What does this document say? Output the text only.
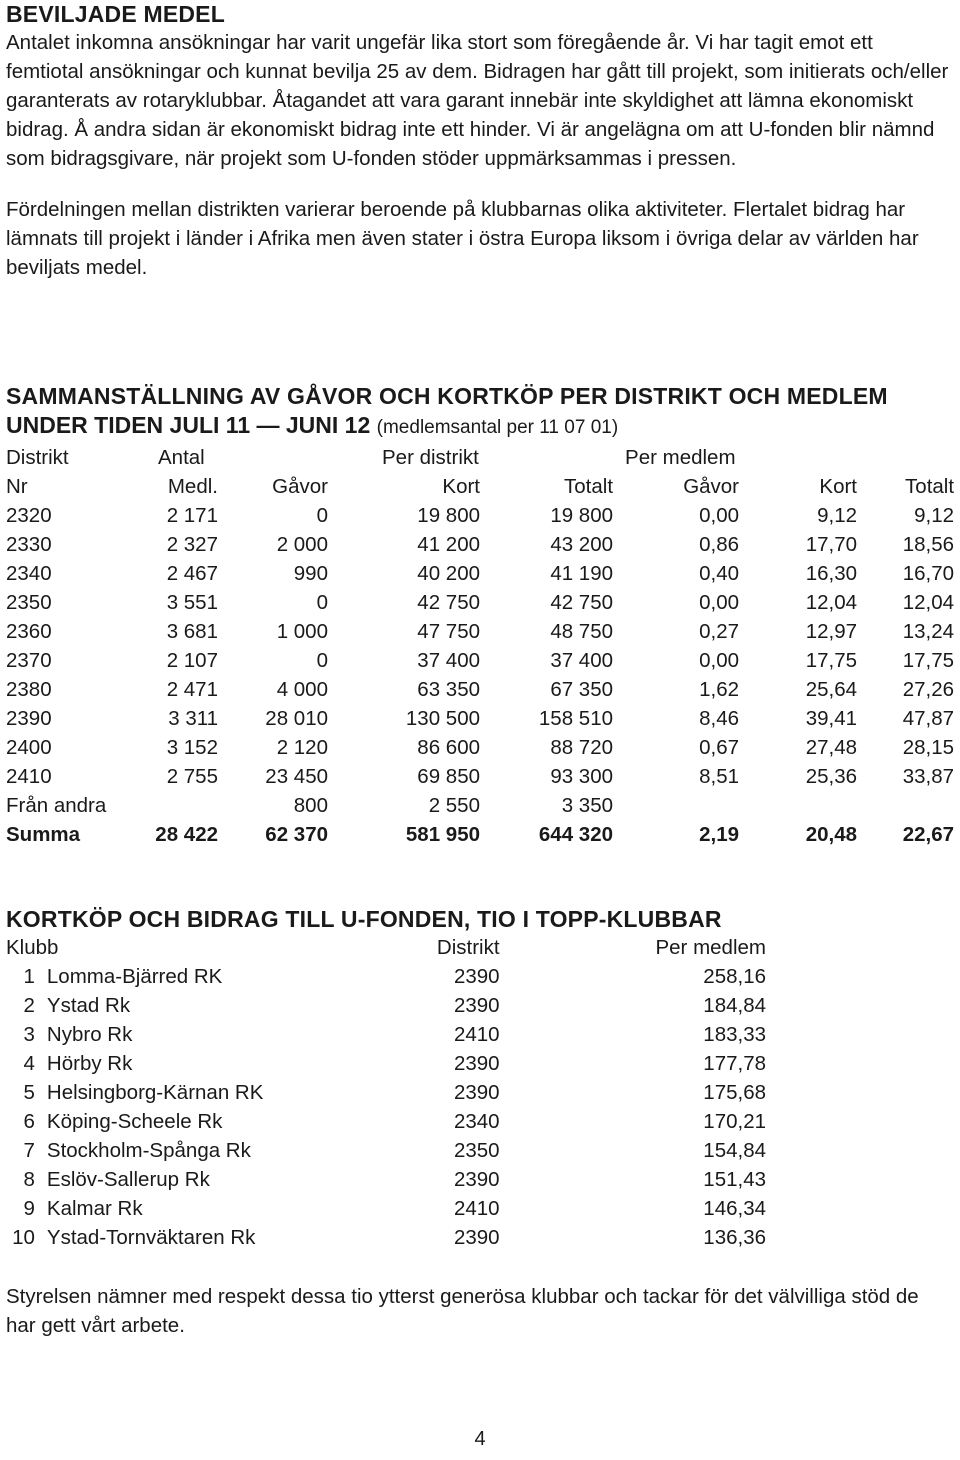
BEVILJADE MEDEL

Antalet inkomna ansökningar har varit ungefär lika stort som föregående år. Vi har tagit emot ett femtiotal ansökningar och kunnat bevilja 25 av dem. Bidragen har gått till projekt, som initierats och/eller garanterats av rotaryklubbar. Åtagandet att vara garant innebär inte skyldighet att lämna ekonomiskt bidrag. Å andra sidan är ekonomiskt bidrag inte ett hinder. Vi är angelägna om att U-fonden blir nämnd som bidragsgivare, när projekt som U-fonden stöder uppmärksammas i pressen.

Fördelningen mellan distrikten varierar beroende på klubbarnas olika aktiviteter. Flertalet bidrag har lämnats till projekt i länder i Afrika men även stater i östra Europa liksom i övriga delar av världen har beviljats medel.

SAMMANSTÄLLNING AV GÅVOR OCH KORTKÖP PER DISTRIKT OCH MEDLEM
UNDER TIDEN JULI 11 — JUNI 12 (medlemsantal per 11 07 01)
Distrikt	Antal		Per distrikt		Per medlem		
Nr	Medl.	Gåvor	Kort	Totalt	Gåvor	Kort	Totalt
2320	2 171	0	19 800	19 800	0,00	9,12	9,12
2330	2 327	2 000	41 200	43 200	0,86	17,70	18,56
2340	2 467	990	40 200	41 190	0,40	16,30	16,70
2350	3 551	0	42 750	42 750	0,00	12,04	12,04
2360	3 681	1 000	47 750	48 750	0,27	12,97	13,24
2370	2 107	0	37 400	37 400	0,00	17,75	17,75
2380	2 471	4 000	63 350	67 350	1,62	25,64	27,26
2390	3 311	28 010	130 500	158 510	8,46	39,41	47,87
2400	3 152	2 120	86 600	88 720	0,67	27,48	28,15
2410	2 755	23 450	69 850	93 300	8,51	25,36	33,87
Från andra		800	2 550	3 350			
Summa	28 422	62 370	581 950	644 320	2,19	20,48	22,67
KORTKÖP OCH BIDRAG TILL U-FONDEN, TIO I TOPP-KLUBBAR
Klubb		Distrikt	Per medlem
1	Lomma-Bjärred RK	2390	258,16
2	Ystad Rk	2390	184,84
3	Nybro Rk	2410	183,33
4	Hörby Rk	2390	177,78
5	Helsingborg-Kärnan RK	2390	175,68
6	Köping-Scheele Rk	2340	170,21
7	Stockholm-Spånga Rk	2350	154,84
8	Eslöv-Sallerup Rk	2390	151,43
9	Kalmar Rk	2410	146,34
10	Ystad-Tornväktaren Rk	2390	136,36

Styrelsen nämner med respekt dessa tio ytterst generösa klubbar och tackar för det välvilliga stöd de har gett vårt arbete.

4
